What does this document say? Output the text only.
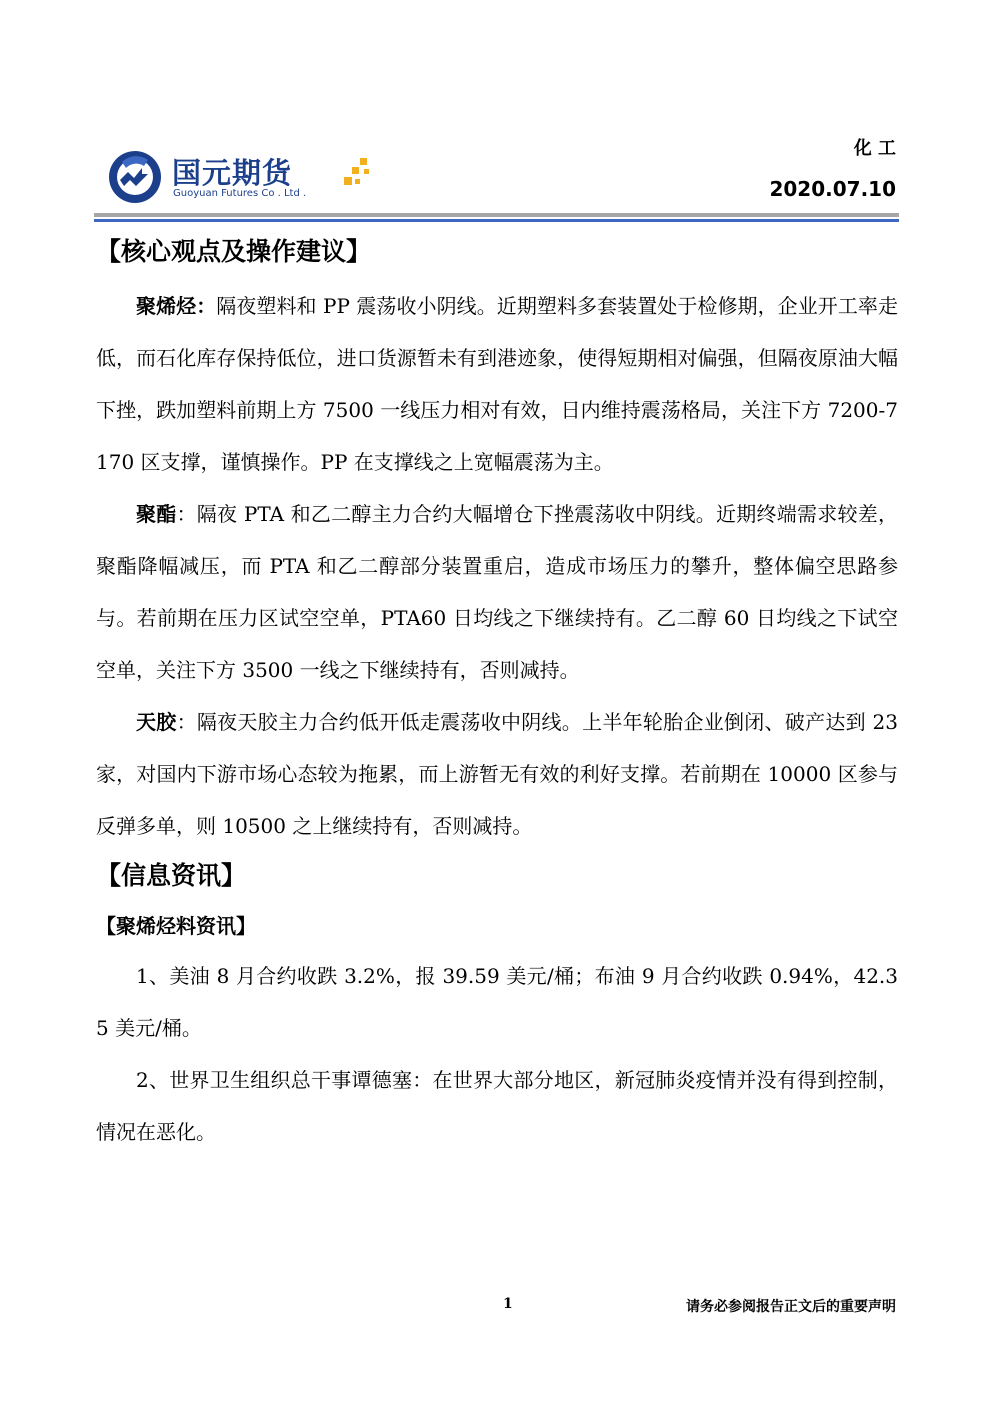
国元期货
Guoyuan Futures Co . Ltd .
化 工
2020.07.10
【核心观点及操作建议】

聚烯烃：隔夜塑料和 PP 震荡收小阴线。近期塑料多套装置处于检修期，企业开工率走低，而石化库存保持低位，进口货源暂未有到港迹象，使得短期相对偏强，但隔夜原油大幅下挫，跌加塑料前期上方 7500 一线压力相对有效，日内维持震荡格局，关注下方 7200-7170 区支撑，谨慎操作。PP 在支撑线之上宽幅震荡为主。

聚酯：隔夜 PTA 和乙二醇主力合约大幅增仓下挫震荡收中阴线。近期终端需求较差，聚酯降幅减压，而 PTA 和乙二醇部分装置重启，造成市场压力的攀升，整体偏空思路参与。若前期在压力区试空空单，PTA60 日均线之下继续持有。乙二醇 60 日均线之下试空空单，关注下方 3500 一线之下继续持有，否则减持。

天胶：隔夜天胶主力合约低开低走震荡收中阴线。上半年轮胎企业倒闭、破产达到 23 家，对国内下游市场心态较为拖累，而上游暂无有效的利好支撑。若前期在 10000 区参与反弹多单，则 10500 之上继续持有，否则减持。

【信息资讯】
【聚烯烃料资讯】

1、美油 8 月合约收跌 3.2%，报 39.59 美元/桶；布油 9 月合约收跌 0.94%，42.35 美元/桶。

2、世界卫生组织总干事谭德塞：在世界大部分地区，新冠肺炎疫情并没有得到控制，情况在恶化。

1	请务必参阅报告正文后的重要声明
